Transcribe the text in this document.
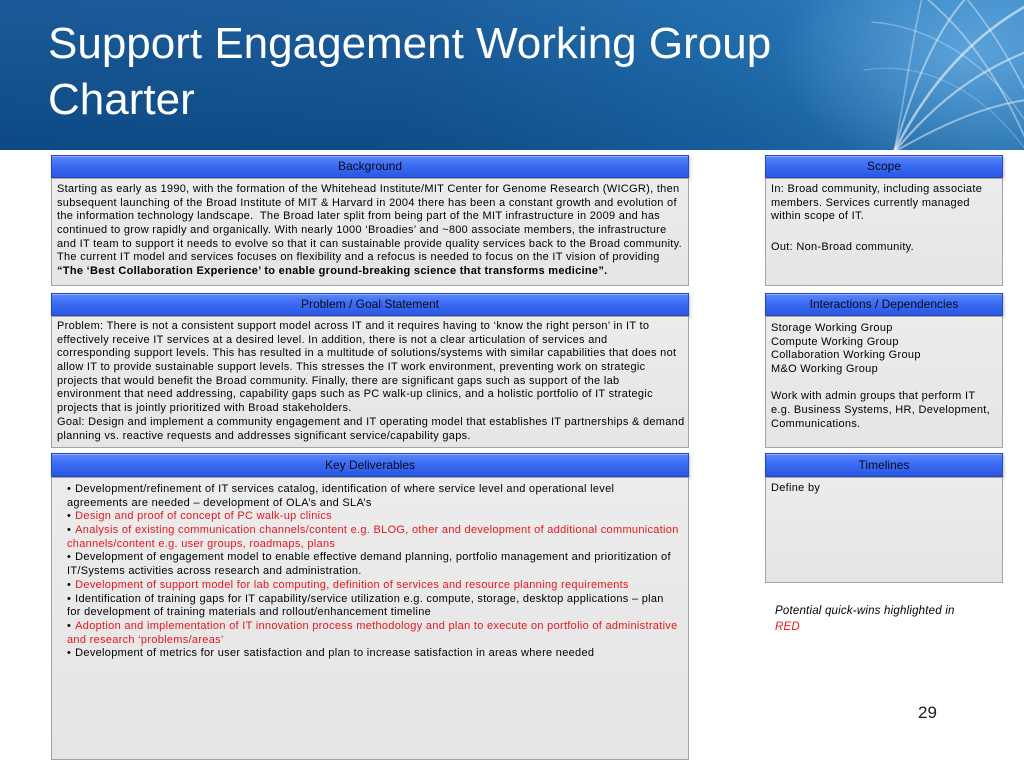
Support Engagement Working Group Charter
Background
Starting as early as 1990, with the formation of the Whitehead Institute/MIT Center for Genome Research (WICGR), then
subsequent launching of the Broad Institute of MIT & Harvard in 2004 there has been a constant growth and evolution of
the information technology landscape.  The Broad later split from being part of the MIT infrastructure in 2009 and has
continued to grow rapidly and organically. With nearly 1000 ‘Broadies’ and ~800 associate members, the infrastructure
and IT team to support it needs to evolve so that it can sustainable provide quality services back to the Broad community.
The current IT model and services focuses on flexibility and a refocus is needed to focus on the IT vision of providing
“The ‘Best Collaboration Experience’ to enable ground-breaking science that transforms medicine”.
Problem / Goal Statement
Problem: There is not a consistent support model across IT and it requires having to ‘know the right person’ in IT to
effectively receive IT services at a desired level. In addition, there is not a clear articulation of services and
corresponding support levels. This has resulted in a multitude of solutions/systems with similar capabilities that does not
allow IT to provide sustainable support levels. This stresses the IT work environment, preventing work on strategic
projects that would benefit the Broad community. Finally, there are significant gaps such as support of the lab
environment that need addressing, capability gaps such as PC walk-up clinics, and a holistic portfolio of IT strategic
projects that is jointly prioritized with Broad stakeholders.
Goal: Design and implement a community engagement and IT operating model that establishes IT partnerships & demand
planning vs. reactive requests and addresses significant service/capability gaps.
Key Deliverables
• Development/refinement of IT services catalog, identification of where service level and operational level
agreements are needed – development of OLA’s and SLA’s
• Design and proof of concept of PC walk-up clinics
• Analysis of existing communication channels/content e.g. BLOG, other and development of additional communication
channels/content e.g. user groups, roadmaps, plans
• Development of engagement model to enable effective demand planning, portfolio management and prioritization of
IT/Systems activities across research and administration.
• Development of support model for lab computing, definition of services and resource planning requirements
• Identification of training gaps for IT capability/service utilization e.g. compute, storage, desktop applications – plan
for development of training materials and rollout/enhancement timeline
• Adoption and implementation of IT innovation process methodology and plan to execute on portfolio of administrative
and research ‘problems/areas’
• Development of metrics for user satisfaction and plan to increase satisfaction in areas where needed
Scope
In: Broad community, including associate
members. Services currently managed
within scope of IT.
Out: Non-Broad community.
Interactions / Dependencies
Storage Working Group
Compute Working Group
Collaboration Working Group
M&O Working Group
Work with admin groups that perform IT
e.g. Business Systems, HR, Development,
Communications.
Timelines
Define by
Potential quick-wins highlighted in
RED
29
